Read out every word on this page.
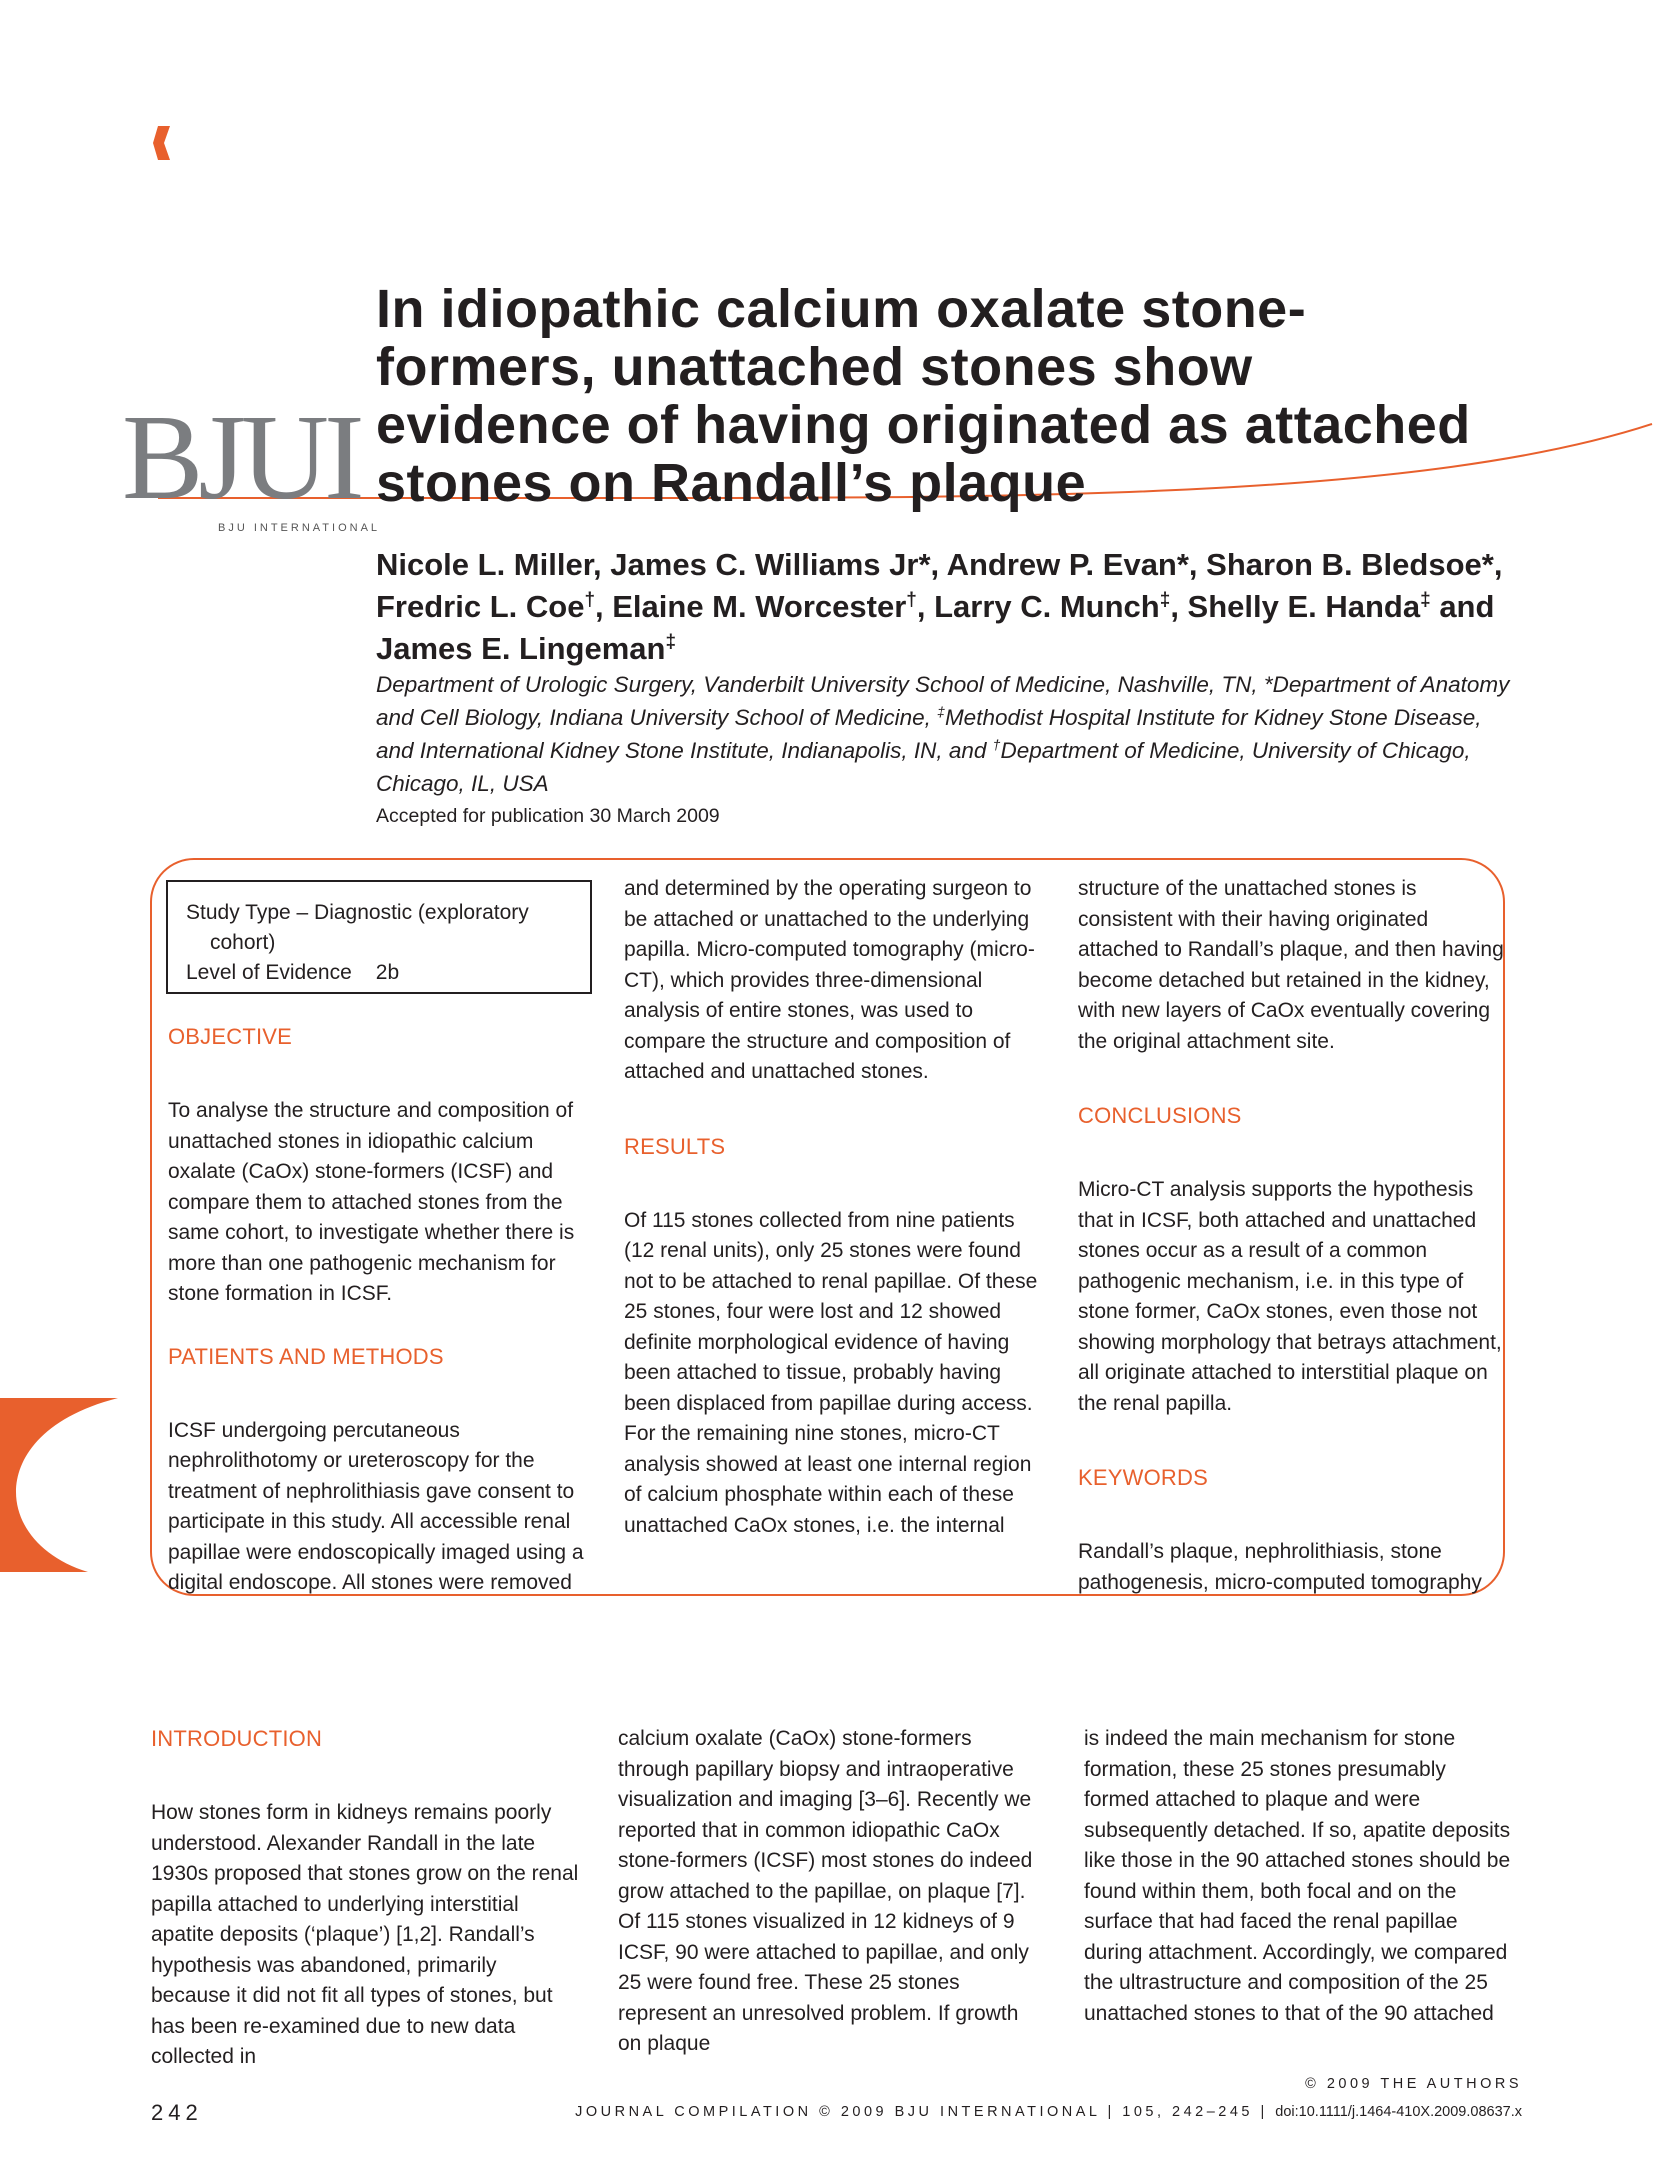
BJUI
BJU INTERNATIONAL
In idiopathic calcium oxalate stone-formers, unattached stones show evidence of having originated as attached stones on Randall’s plaque
Nicole L. Miller, James C. Williams Jr*, Andrew P. Evan*, Sharon B. Bledsoe*, Fredric L. Coe†, Elaine M. Worcester†, Larry C. Munch‡, Shelly E. Handa‡ and James E. Lingeman‡
Department of Urologic Surgery, Vanderbilt University School of Medicine, Nashville, TN, *Department of Anatomy and Cell Biology, Indiana University School of Medicine, ‡Methodist Hospital Institute for Kidney Stone Disease, and International Kidney Stone Institute, Indianapolis, IN, and †Department of Medicine, University of Chicago, Chicago, IL, USA
Accepted for publication 30 March 2009
Study Type – Diagnostic (exploratory
cohort)
Level of Evidence 2b
OBJECTIVE

To analyse the structure and composition of unattached stones in idiopathic calcium oxalate (CaOx) stone-formers (ICSF) and compare them to attached stones from the same cohort, to investigate whether there is more than one pathogenic mechanism for stone formation in ICSF.

PATIENTS AND METHODS

ICSF undergoing percutaneous nephrolithotomy or ureteroscopy for the treatment of nephrolithiasis gave consent to participate in this study. All accessible renal papillae were endoscopically imaged using a digital endoscope. All stones were removed

and determined by the operating surgeon to be attached or unattached to the underlying papilla. Micro-computed tomography (micro-CT), which provides three-dimensional analysis of entire stones, was used to compare the structure and composition of attached and unattached stones.

RESULTS

Of 115 stones collected from nine patients (12 renal units), only 25 stones were found not to be attached to renal papillae. Of these 25 stones, four were lost and 12 showed definite morphological evidence of having been attached to tissue, probably having been displaced from papillae during access. For the remaining nine stones, micro-CT analysis showed at least one internal region of calcium phosphate within each of these unattached CaOx stones, i.e. the internal

structure of the unattached stones is consistent with their having originated attached to Randall’s plaque, and then having become detached but retained in the kidney, with new layers of CaOx eventually covering the original attachment site.

CONCLUSIONS

Micro-CT analysis supports the hypothesis that in ICSF, both attached and unattached stones occur as a result of a common pathogenic mechanism, i.e. in this type of stone former, CaOx stones, even those not showing morphology that betrays attachment, all originate attached to interstitial plaque on the renal papilla.

KEYWORDS

Randall’s plaque, nephrolithiasis, stone pathogenesis, micro-computed tomography

INTRODUCTION

How stones form in kidneys remains poorly understood. Alexander Randall in the late 1930s proposed that stones grow on the renal papilla attached to underlying interstitial apatite deposits (‘plaque’) [1,2]. Randall’s hypothesis was abandoned, primarily because it did not fit all types of stones, but has been re-examined due to new data collected in

calcium oxalate (CaOx) stone-formers through papillary biopsy and intraoperative visualization and imaging [3–6]. Recently we reported that in common idiopathic CaOx stone-formers (ICSF) most stones do indeed grow attached to the papillae, on plaque [7]. Of 115 stones visualized in 12 kidneys of 9 ICSF, 90 were attached to papillae, and only 25 were found free. These 25 stones represent an unresolved problem. If growth on plaque

is indeed the main mechanism for stone formation, these 25 stones presumably formed attached to plaque and were subsequently detached. If so, apatite deposits like those in the 90 attached stones should be found within them, both focal and on the surface that had faced the renal papillae during attachment. Accordingly, we compared the ultrastructure and composition of the 25 unattached stones to that of the 90 attached

© 2009 THE AUTHORS
242	JOURNAL COMPILATION © 2009 BJU INTERNATIONAL | 105, 242–245 | doi:10.1111/j.1464-410X.2009.08637.x
